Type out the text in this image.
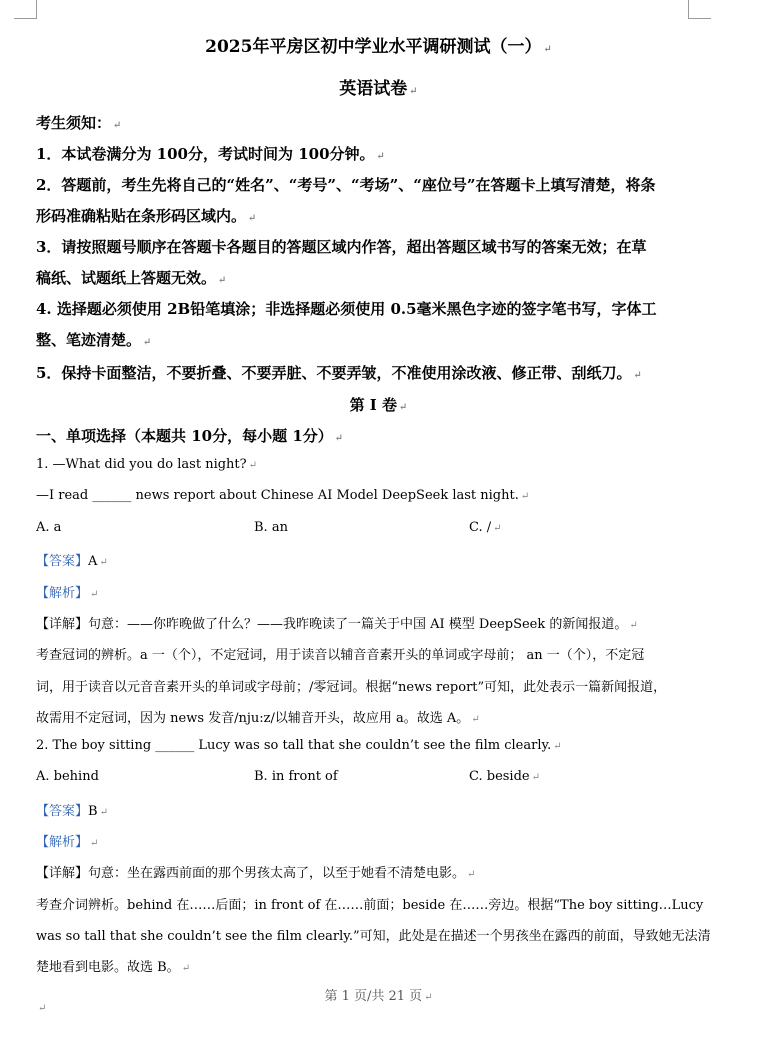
2025年平房区初中学业水平调研测试（一） ↵
英语试卷 ↵
考生须知： ↵
1．本试卷满分为 100分，考试时间为 100分钟。 ↵
2．答题前，考生先将自己的“姓名”、“考号”、“考场”、“座位号”在答题卡上填写清楚，将条
形码准确粘贴在条形码区域内。 ↵
3．请按照题号顺序在答题卡各题目的答题区域内作答，超出答题区域书写的答案无效；在草
稿纸、试题纸上答题无效。 ↵
4. 选择题必须使用 2B铅笔填涂；非选择题必须使用 0.5毫米黑色字迹的签字笔书写，字体工
整、笔迹清楚。 ↵
5．保持卡面整洁，不要折叠、不要弄脏、不要弄皱，不准使用涂改液、修正带、刮纸刀。 ↵
第 I 卷 ↵
一、单项选择（本题共 10分，每小题 1分） ↵
1. —What did you do last night? ↵
—I read ______ news report about Chinese AI Model DeepSeek last night. ↵
A. a	B. an	C. / ↵
【答案】A ↵
【解析】 ↵
【详解】句意：——你昨晚做了什么？——我昨晚读了一篇关于中国 AI 模型 DeepSeek 的新闻报道。 ↵
考查冠词的辨析。a 一（个），不定冠词，用于读音以辅音音素开头的单词或字母前； an 一（个），不定冠
词，用于读音以元音音素开头的单词或字母前；/零冠词。根据“news report”可知，此处表示一篇新闻报道，
故需用不定冠词，因为 news 发音/nju:z/以辅音开头，故应用 a。故选 A。 ↵
2. The boy sitting ______ Lucy was so tall that she couldn’t see the film clearly. ↵
A. behind	B. in front of	C. beside ↵
【答案】B ↵
【解析】 ↵
【详解】句意：坐在露西前面的那个男孩太高了，以至于她看不清楚电影。 ↵
考查介词辨析。behind 在……后面；in front of 在……前面；beside 在……旁边。根据“The boy sitting…Lucy
was so tall that she couldn’t see the film clearly.”可知，此处是在描述一个男孩坐在露西的前面，导致她无法清
楚地看到电影。故选 B。 ↵
第 1 页/共 21 页 ↵
↵
